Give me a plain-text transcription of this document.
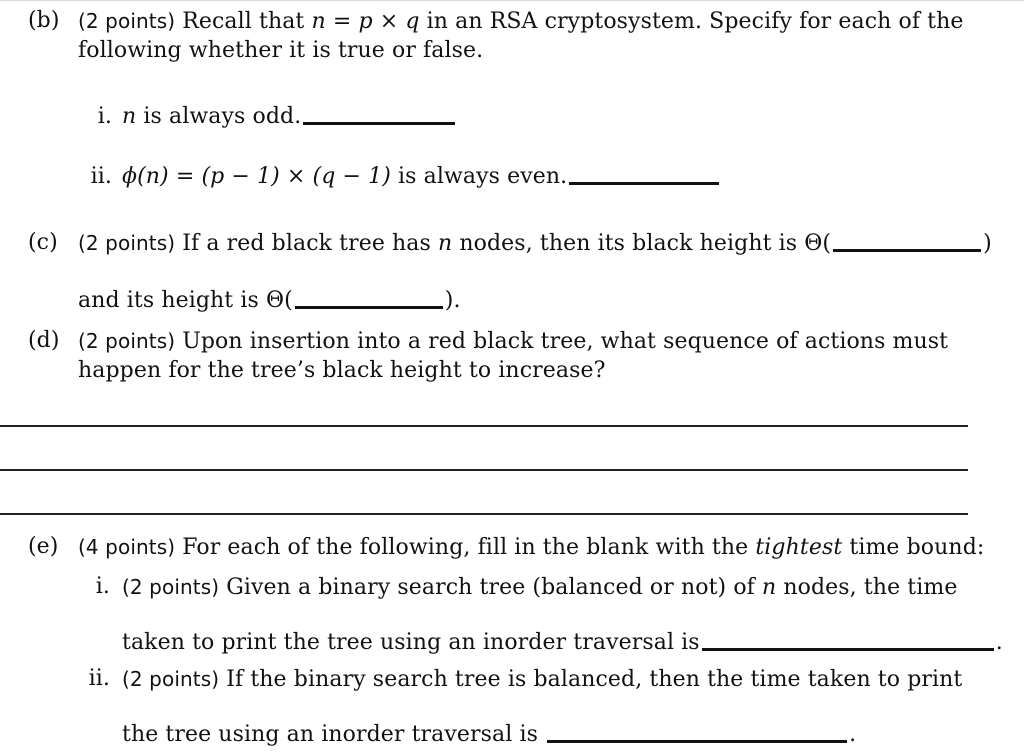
(b) (2 points) Recall that n = p × q in an RSA cryptosystem. Specify for each of the
following whether it is true or false.
i. n is always odd.
ii. ϕ(n) = (p − 1) × (q − 1) is always even.
(c) (2 points) If a red black tree has n nodes, then its black height is Θ(	)
and its height is Θ(	).
(d) (2 points) Upon insertion into a red black tree, what sequence of actions must
happen for the tree’s black height to increase?
(e) (4 points) For each of the following, fill in the blank with the tightest time bound:
i. (2 points) Given a binary search tree (balanced or not) of n nodes, the time
taken to print the tree using an inorder traversal is	.
ii. (2 points) If the binary search tree is balanced, then the time taken to print
the tree using an inorder traversal is	.
